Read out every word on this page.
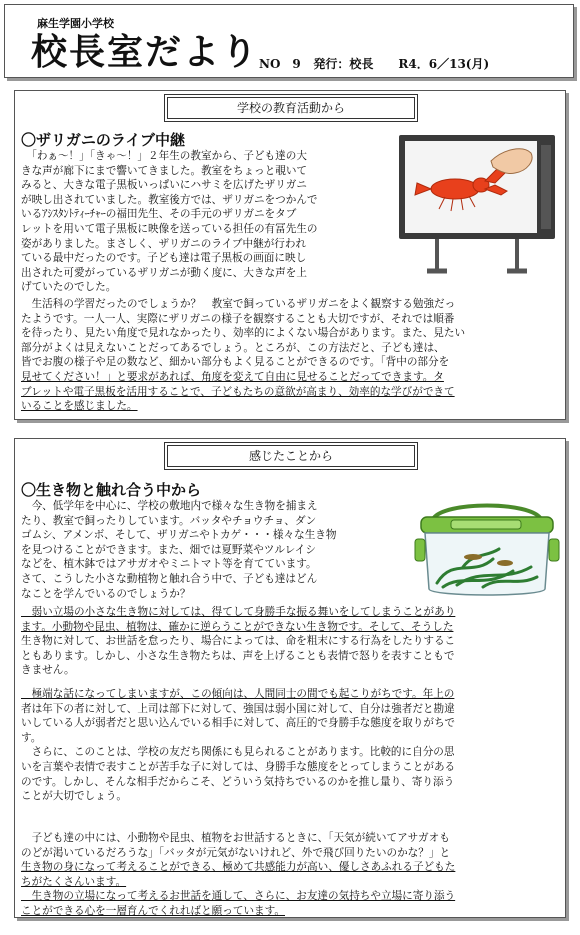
麻生学園小学校
校長室だより NO　9 発行：校長 R4．6／13(月)
学校の教育活動から
〇ザリガニのライブ中継
　「わぁ～！」「きゃ～！」２年生の教室から、子ども達の大
きな声が廊下にまで響いてきました。教室をちょっと覗いて
みると、大きな電子黒板いっぱいにハサミを広げたザリガニ
が映し出されていました。教室後方では、ザリガニをつかんで
いるｱｼｽﾀﾝﾄﾃｨｰﾁｬｰの福田先生、その手元のザリガニをタブ
レットを用いて電子黒板に映像を送っている担任の有冨先生の
姿がありました。まさしく、ザリガニのライブ中継が行われ
ている最中だったのです。子ども達は電子黒板の画面に映し
出された可愛がっているザリガニが動く度に、大きな声を上
げていたのでした。
　生活科の学習だったのでしょうか？　教室で飼っているザリガニをよく観察する勉強だっ
たようです。一人一人、実際にザリガニの様子を観察することも大切ですが、それでは順番
を待ったり、見たい角度で見れなかったり、効率的によくない場合があります。また、見たい
部分がよくは見えないことだってあるでしょう。ところが、この方法だと、子ども達は、
皆でお腹の様子や足の数など、細かい部分もよく見ることができるのです。「背中の部分を
見せてください！」と要求があれば、角度を変えて自由に見せることだってできます。タ
ブレットや電子黒板を活用することで、子どもたちの意欲が高まり、効率的な学びができて
いることを感じました。
感じたことから
〇生き物と触れ合う中から
　今、低学年を中心に、学校の敷地内で様々な生き物を捕まえ
たり、教室で飼ったりしています。バッタやチョウチョ、ダン
ゴムシ、アメンボ、そして、ザリガニやトカゲ・・・様々な生き物
を見つけることができます。また、畑では夏野菜やツルレイシ
などを、植木鉢ではアサガオやミニトマト等を育てています。
さて、こうした小さな動植物と触れ合う中で、子ども達はどん
なことを学んでいるのでしょうか？
　弱い立場の小さな生き物に対しては、得てして身勝手な振る舞いをしてしまうことがあり
ます。小動物や昆虫、植物は、確かに逆らうことができない生き物です。そして、そうした
生き物に対して、お世話を怠ったり、場合によっては、命を粗末にする行為をしたりするこ
ともあります。しかし、小さな生き物たちは、声を上げることも表情で怒りを表すこともで
きません。
　極端な話になってしまいますが、この傾向は、人間同士の間でも起こりがちです。年上の
者は年下の者に対して、上司は部下に対して、強国は弱小国に対して、自分は強者だと勘違
いしている人が弱者だと思い込んでいる相手に対して、高圧的で身勝手な態度を取りがちで
す。
　さらに、このことは、学校の友だち関係にも見られることがあります。比較的に自分の思
いを言葉や表情で表すことが苦手な子に対しては、身勝手な態度をとってしまうことがある
のです。しかし、そんな相手だからこそ、どういう気持ちでいるのかを推し量り、寄り添う
ことが大切でしょう。
　子ども達の中には、小動物や昆虫、植物をお世話するときに、「天気が続いてアサガオも
のどが渇いているだろうな」「バッタが元気がないけれど、外で飛び回りたいのかな？」と
生き物の身になって考えることができる、極めて共感能力が高い、優しさあふれる子どもた
ちがたくさんいます。
　生き物の立場になって考えるお世話を通して、さらに、お友達の気持ちや立場に寄り添う
ことができる心を一層育んでくれればと願っています。
